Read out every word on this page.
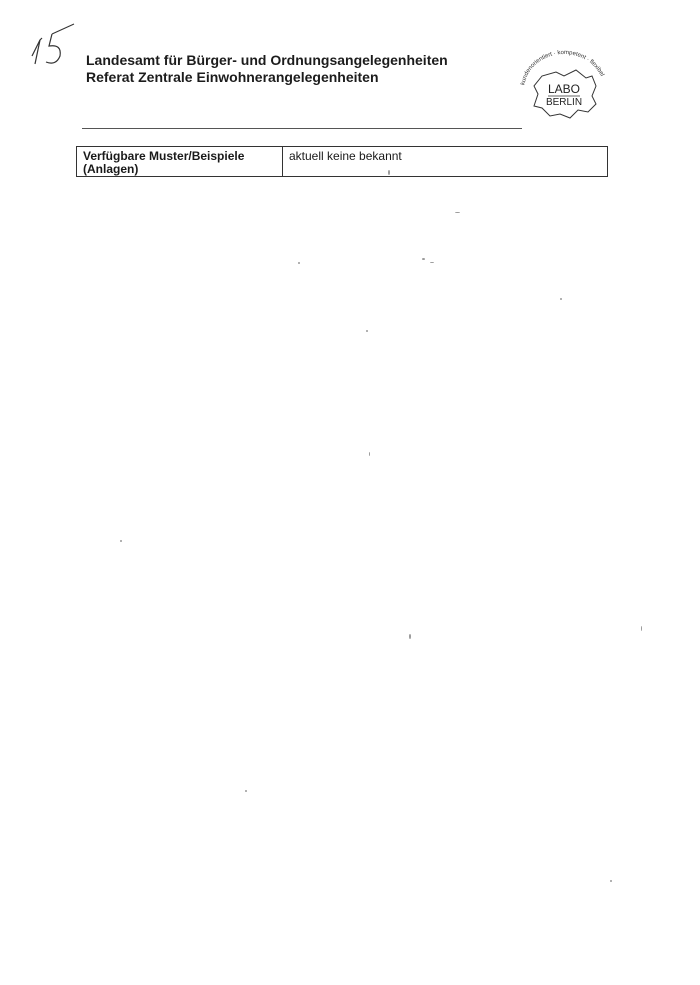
Landesamt für Bürger- und Ordnungsangelegenheiten
Referat Zentrale Einwohnerangelegenheiten	kundenorientiert · kompetent · flexibel
LABO
BERLIN
Verfügbare Muster/Beispiele (Anlagen)
aktuell keine bekannt
